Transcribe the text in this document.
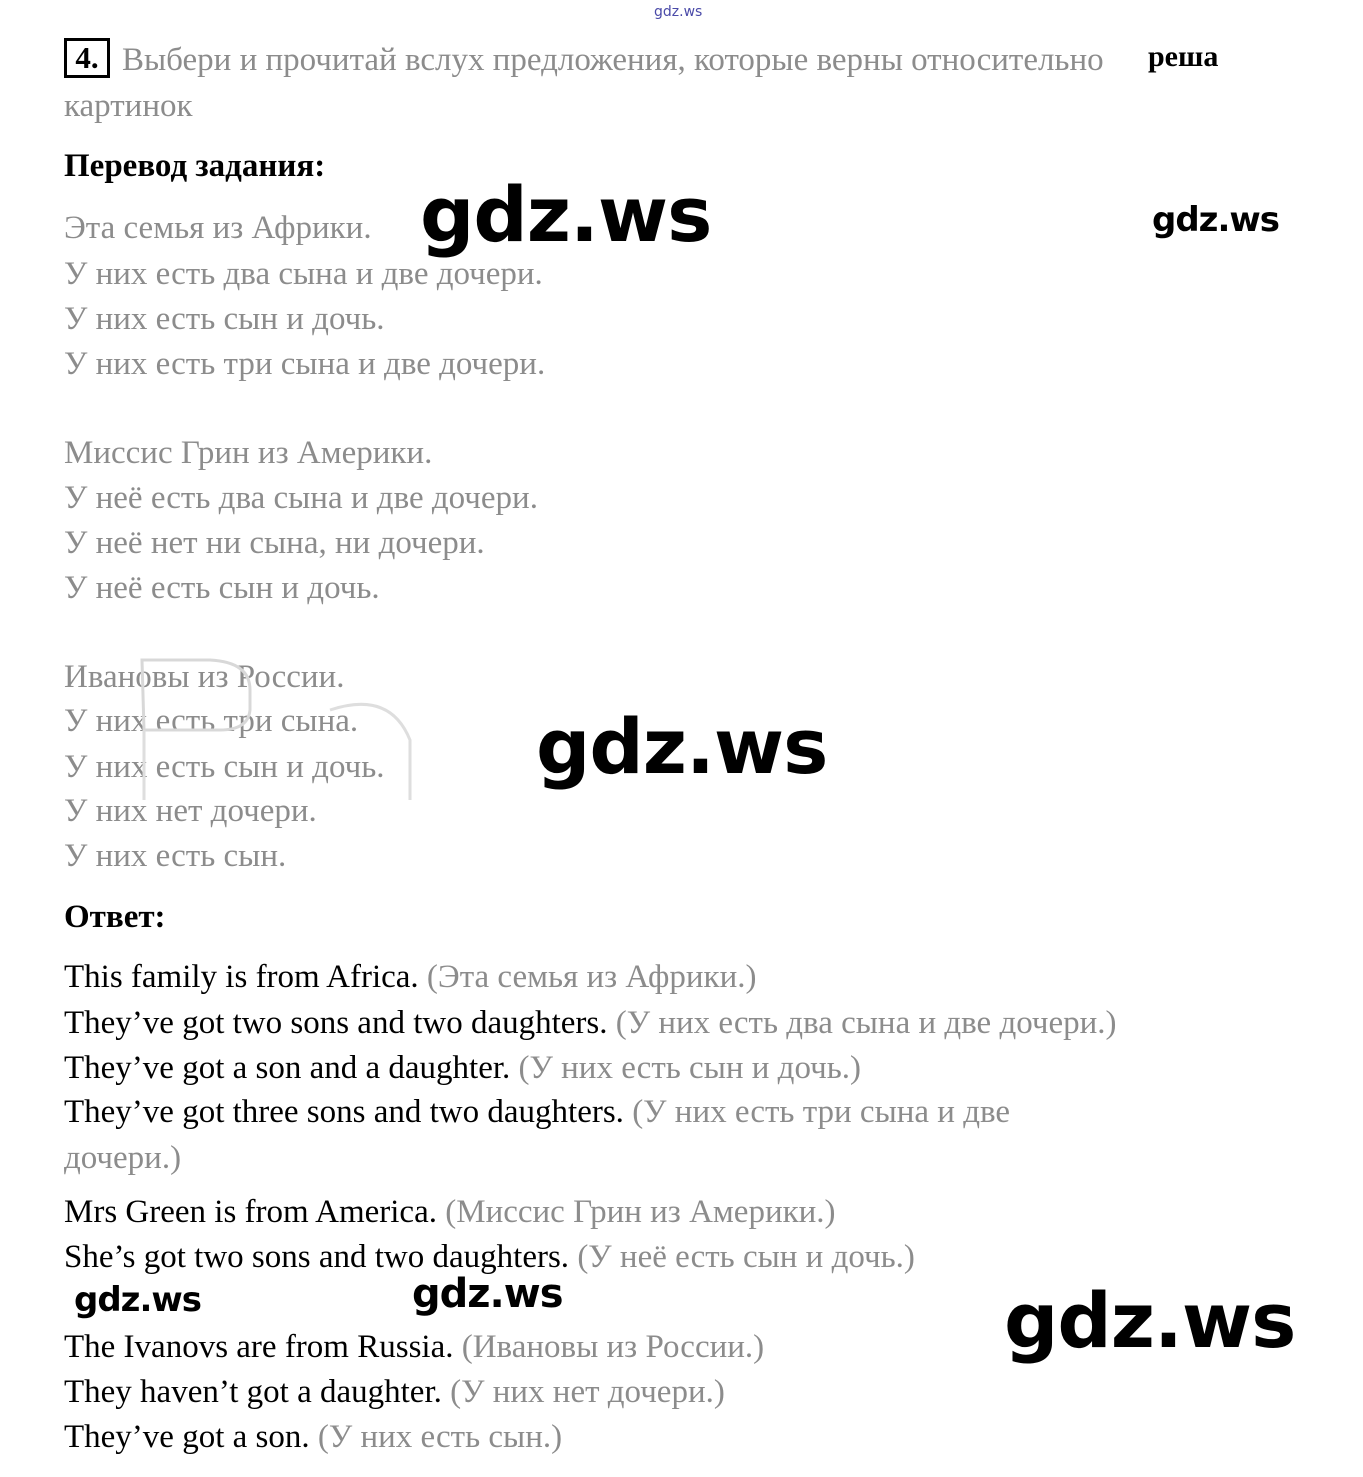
gdz.ws
4. Выбери и прочитай вслух предложения, которые верны относительно реша
картинок
Перевод задания:
Эта семья из Африки.
У них есть два сына и две дочери.
У них есть сын и дочь.
У них есть три сына и две дочери.
Миссис Грин из Америки.
У неё есть два сына и две дочери.
У неё нет ни сына, ни дочери.
У неё есть сын и дочь.
Ивановы из России.
У них есть три сына.
У них есть сын и дочь.
У них нет дочери.
У них есть сын.
Ответ:
This family is from Africa. (Эта семья из Африки.)
They’ve got two sons and two daughters. (У них есть два сына и две дочери.)
They’ve got a son and a daughter. (У них есть сын и дочь.)
They’ve got three sons and two daughters. (У них есть три сына и две
дочери.)
Mrs Green is from America. (Миссис Грин из Америки.)
She’s got two sons and two daughters. (У неё есть сын и дочь.)
The Ivanovs are from Russia. (Ивановы из России.)
They haven’t got a daughter. (У них нет дочери.)
They’ve got a son. (У них есть сын.)
gdz.ws	gdz.ws
gdz.ws
gdz.ws	gdz.ws	gdz.ws
